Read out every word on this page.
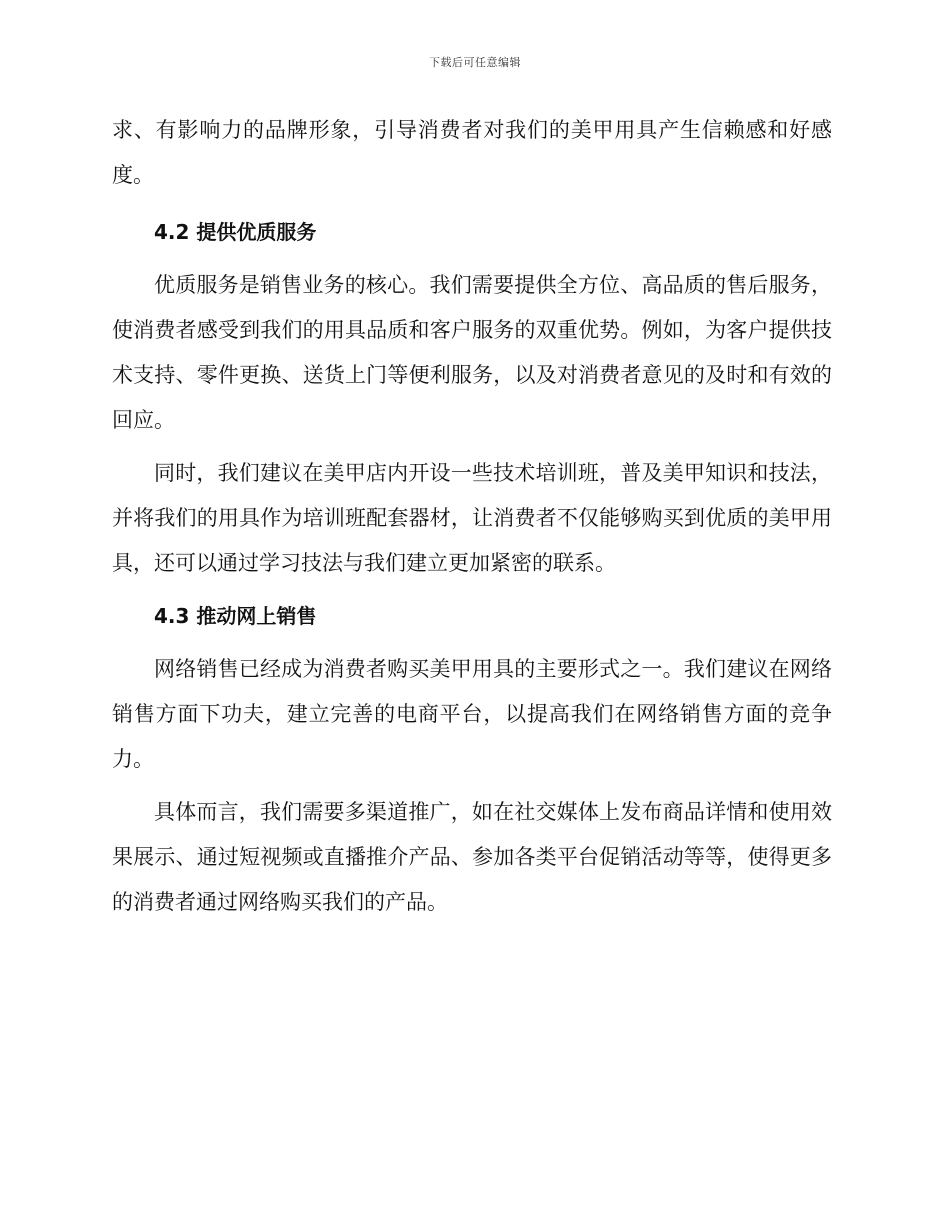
下载后可任意编辑

求、有影响力的品牌形象，引导消费者对我们的美甲用具产生信赖感和好感度。

4.2 提供优质服务

优质服务是销售业务的核心。我们需要提供全方位、高品质的售后服务，使消费者感受到我们的用具品质和客户服务的双重优势。例如，为客户提供技术支持、零件更换、送货上门等便利服务，以及对消费者意见的及时和有效的回应。

同时，我们建议在美甲店内开设一些技术培训班，普及美甲知识和技法，并将我们的用具作为培训班配套器材，让消费者不仅能够购买到优质的美甲用具，还可以通过学习技法与我们建立更加紧密的联系。

4.3 推动网上销售

网络销售已经成为消费者购买美甲用具的主要形式之一。我们建议在网络销售方面下功夫，建立完善的电商平台，以提高我们在网络销售方面的竞争力。

具体而言，我们需要多渠道推广，如在社交媒体上发布商品详情和使用效果展示、通过短视频或直播推介产品、参加各类平台促销活动等等，使得更多的消费者通过网络购买我们的产品。
